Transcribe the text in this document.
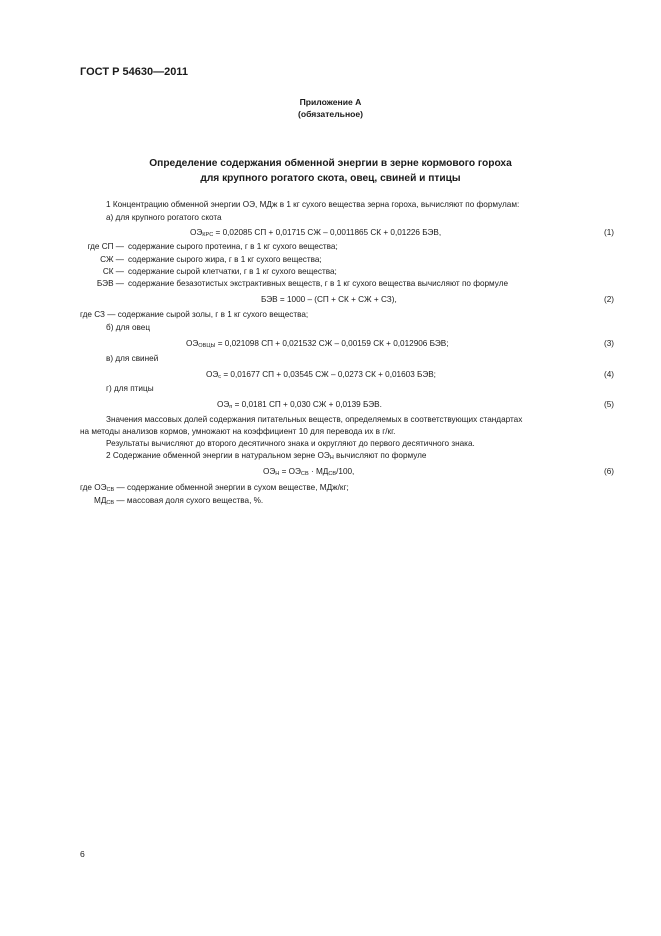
ГОСТ Р 54630—2011
Приложение А
(обязательное)
Определение содержания обменной энергии в зерне кормового гороха
для крупного рогатого скота, овец, свиней и птицы
1 Концентрацию обменной энергии ОЭ, МДж в 1 кг сухого вещества зерна гороха, вычисляют по формулам:
а) для крупного рогатого скота
$ОЭ_{КРС} = 0,02085$ СП + 0,01715 СЖ – 0,0011865 СК + 0,01226 БЭВ,	(1)
где СП — содержание сырого протеина, г в 1 кг сухого вещества;
СЖ — содержание сырого жира, г в 1 кг сухого вещества;
СК — содержание сырой клетчатки, г в 1 кг сухого вещества;
БЭВ — содержание безазотистых экстрактивных веществ, г в 1 кг сухого вещества вычисляют по формуле
БЭВ = 1000 – (СП + СК + СЖ + СЗ),	(2)
где СЗ — содержание сырой золы, г в 1 кг сухого вещества;
б) для овец
$ОЭ_{ОВЦЫ} = 0,021098$ СП + 0,021532 СЖ – 0,00159 СК + 0,012906 БЭВ;	(3)
в) для свиней
$ОЭ_с = 0,01677$ СП + 0,03545 СЖ – 0,0273 СК + 0,01603 БЭВ;	(4)
г) для птицы
$ОЭ_п = 0,0181$ СП + 0,030 СЖ + 0,0139 БЭВ.	(5)
Значения массовых долей содержания питательных веществ, определяемых в соответствующих стандартах
на методы анализов кормов, умножают на коэффициент 10 для перевода их в г/кг.
Результаты вычисляют до второго десятичного знака и округляют до первого десятичного знака.
2 Содержание обменной энергии в натуральном зерне $ОЭ_Н$ вычисляют по формуле
$ОЭ_Н = ОЭ_{СВ} \cdot МД_{СВ}/100$,	(6)
где $ОЭ_{СВ}$ — содержание обменной энергии в сухом веществе, МДж/кг;
$МД_{СВ}$ — массовая доля сухого вещества, %.
6
